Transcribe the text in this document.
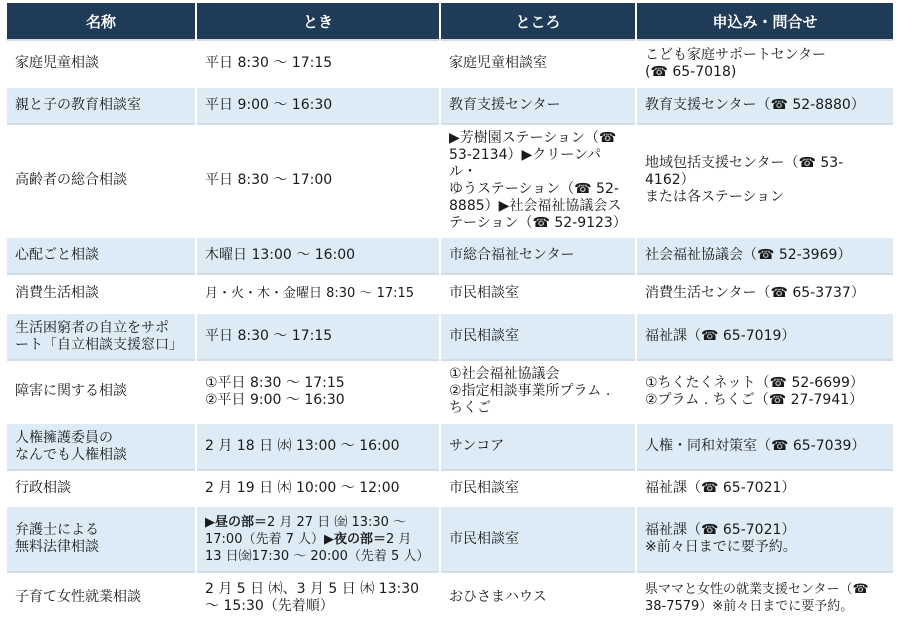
名称	とき	ところ	申込み・問合せ

家庭児童相談	平日 8:30 ～ 17:15	家庭児童相談室	こども家庭サポートセンター
(☎ 65-7018)

親と子の教育相談室	平日 9:00 ～ 16:30	教育支援センター	教育支援センター（☎ 52-8880）

高齢者の総合相談	平日 8:30 ～ 17:00	▶芳樹園ステーション（☎
53-2134）▶クリーンパル・
ゆうステーション（☎ 52-
8885）▶社会福祉協議会ス
テーション（☎ 52-9123）	地域包括支援センター（☎ 53-4162）
または各ステーション

心配ごと相談	木曜日 13:00 ～ 16:00	市総合福祉センター	社会福祉協議会（☎ 52-3969）

消費生活相談	月・火・木・金曜日 8:30 ～ 17:15	市民相談室	消費生活センター（☎ 65-3737）

生活困窮者の自立をサポ
ート「自立相談支援窓口」	平日 8:30 ～ 17:15	市民相談室	福祉課（☎ 65-7019）

障害に関する相談	①平日 8:30 ～ 17:15
②平日 9:00 ～ 16:30	①社会福祉協議会
②指定相談事業所プラム .
ちくご	①ちくたくネット（☎ 52-6699）
②プラム . ちくご（☎ 27-7941）

人権擁護委員の
なんでも人権相談	2 月 18 日 ㈬ 13:00 ～ 16:00	サンコア	人権・同和対策室（☎ 65-7039）

行政相談	2 月 19 日 ㈭ 10:00 ～ 12:00	市民相談室	福祉課（☎ 65-7021）

弁護士による
無料法律相談	▶昼の部＝2 月 27 日 ㈮ 13:30 ～
17:00（先着 7 人）▶夜の部＝2 月
13 日㈮17:30 ～ 20:00（先着 5 人）	市民相談室	福祉課（☎ 65-7021）
※前々日までに要予約。

子育て女性就業相談	2 月 5 日 ㈭、3 月 5 日 ㈭ 13:30
～ 15:30（先着順）	おひさまハウス	県ママと女性の就業支援センター（☎
38-7579）※前々日までに要予約。
